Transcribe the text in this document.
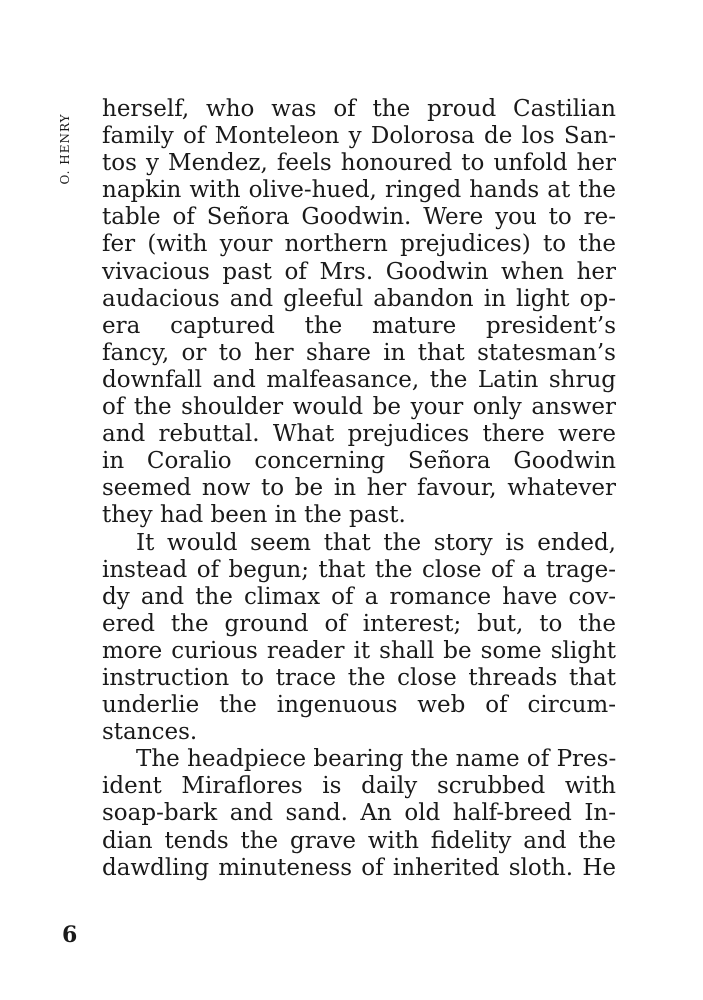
O. HENRY
herself, who was of the proud Castilian
family of Monteleon y Dolorosa de los San-
tos y Mendez, feels honoured to unfold her
napkin with olive-hued, ringed hands at the
table of Señora Goodwin. Were you to re-
fer (with your northern prejudices) to the
vivacious past of Mrs. Goodwin when her
audacious and gleeful abandon in light op-
era captured the mature president’s
fancy, or to her share in that statesman’s
downfall and malfeasance, the Latin shrug
of the shoulder would be your only answer
and rebuttal. What prejudices there were
in Coralio concerning Señora Goodwin
seemed now to be in her favour, whatever
they had been in the past.
It would seem that the story is ended,
instead of begun; that the close of a trage-
dy and the climax of a romance have cov-
ered the ground of interest; but, to the
more curious reader it shall be some slight
instruction to trace the close threads that
underlie the ingenuous web of circum-
stances.
The headpiece bearing the name of Pres-
ident Miraflores is daily scrubbed with
soap-bark and sand. An old half-breed In-
dian tends the grave with fidelity and the
dawdling minuteness of inherited sloth. He
6
